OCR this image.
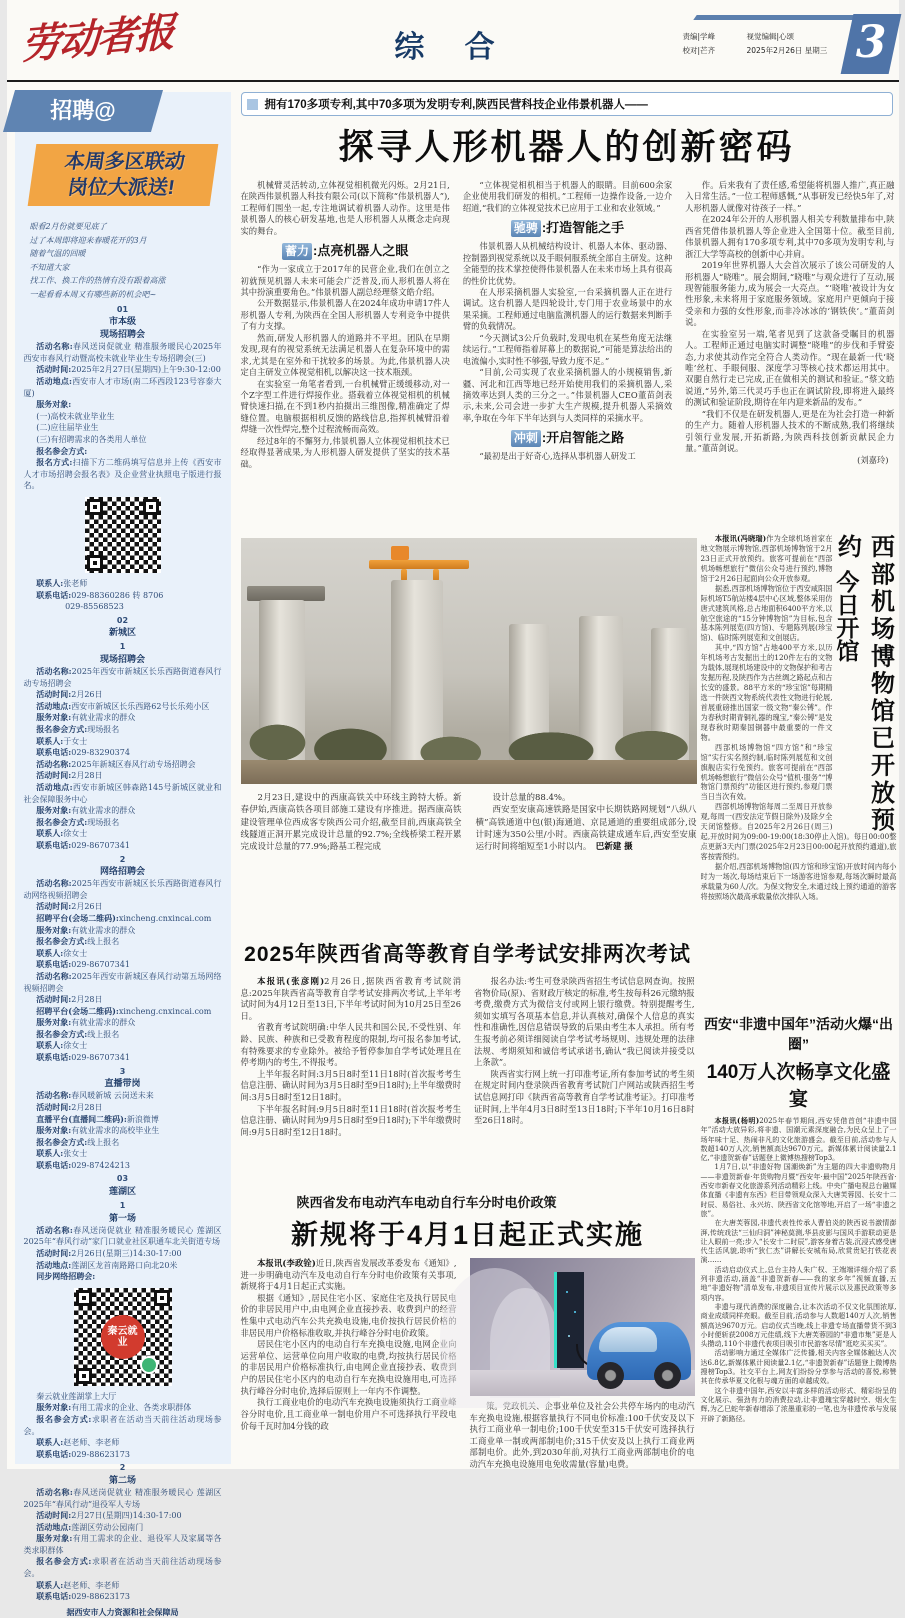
劳动者报	综 合	责编|学峰	视觉编辑|心颂
校对|芒齐	2025年2月26日 星期三 3
招聘@
本周多区联动
岗位大派送!

眼看2月份就要见底了

过了本周即将迎来春暖花开的3月

随着气温的回暖

不知道大家

找工作、换工作的热情有没有跟着高涨

一起看看本周又有哪些新的机会吧~

01

市本级

现场招聘会

活动名称:春风送岗促就业 精准服务暖民心2025年西安市春风行动暨高校未就业毕业生专场招聘会(三)

活动时间:2025年2月27日(星期四)上午9:30-12:00

活动地点:西安市人才市场(南二环西段123号容泰大厦)

服务对象:

(一)高校未就业毕业生

(二)应往届毕业生

(三)有招聘需求的各类用人单位

报名参会方式:

报名方式:扫描下方二维码填写信息并上传《西安市人才市场招聘会报名表》及企业营业执照电子版进行报名。

联系人:张老师

联系电话:029-88360286 转 8706

029-85568523

02

新城区

1

现场招聘会

活动名称:2025年西安市新城区长乐西路街道春风行动专场招聘会

活动时间:2月26日

活动地点:西安市新城区长乐西路62号长乐苑小区

服务对象:有就业需求的群众

报名参会方式:现场报名

联系人:于女士

联系电话:029-83290374

活动名称:2025年新城区春风行动专场招聘会

活动时间:2月28日

活动地点:西安市新城区韩森路145号新城区就业和社会保障服务中心

服务对象:有就业需求的群众

报名参会方式:现场报名

联系人:徐女士

联系电话:029-86707341

2

网络招聘会

活动名称:2025年西安市新城区长乐西路街道春风行动网络视频招聘会

活动时间:2月26日

招聘平台(会场二维码):xincheng.cnxincai.com

服务对象:有就业需求的群众

报名参会方式:线上报名

联系人:徐女士

联系电话:029-86707341

活动名称:2025年西安市新城区春风行动第五场网络视频招聘会

活动时间:2月28日

招聘平台(会场二维码):xincheng.cnxincai.com

服务对象:有就业需求的群众

报名参会方式:线上报名

联系人:徐女士

联系电话:029-86707341

3

直播带岗

活动名称:春风暖新城 云岗送未来

活动时间:2月28日

直播平台(直播间二维码):新浪微博

服务对象:有就业需求的高校毕业生

报名参会方式:线上报名

联系人:张女士

联系电话:029-87424213

03

莲湖区

1

第一场

活动名称:春风送岗促就业 精准服务暖民心 莲湖区2025年“春风行动”家门口就业社区职通车北关街道专场

活动时间:2月26日(星期三)14:30-17:00

活动地点:莲湖区龙首南路路口向北20米

同步网络招聘会:

秦云就业

秦云就业莲湖掌上大厅

服务对象:有用工需求的企业、各类求职群体

报名参会方式:求职者在活动当天前往活动现场参会。

联系人:赵老师、李老师

联系电话:029-88623173

2

第二场

活动名称:春风送岗促就业 精准服务暖民心 莲湖区2025年“春风行动”退役军人专场

活动时间:2月27日(星期四)14:30-17:00

活动地点:莲湖区劳动公园南门

服务对象:有用工需求的企业、退役军人及家属等各类求职群体

报名参会方式:求职者在活动当天前往活动现场参会。

联系人:赵老师、李老师

联系电话:029-88623173

据西安市人力资源和社会保障局

拥有170多项专利,其中70多项为发明专利,陕西民营科技企业伟景机器人——
探寻人形机器人的创新密码

机械臂灵活转动,立体视觉相机微光闪烁。2月21日,在陕西伟景机器人科技有限公司(以下简称“伟景机器人”),工程师们围坐一起,专注地调试着机器人动作。这里是伟景机器人的核心研发基地,也是人形机器人从概念走向现实的舞台。

蓄力 :点亮机器人之眼

“作为一家成立于2017年的民营企业,我们在创立之初就预见机器人未来可能会广泛普及,而人形机器人将在其中扮演重要角色。”伟景机器人副总经理蔡文皓介绍。

公开数据显示,伟景机器人在2024年成功申请17件人形机器人专利,为陕西在全国人形机器人专利竞争中提供了有力支撑。

然而,研发人形机器人的道路并不平坦。团队在早期发现,现有的视觉系统无法满足机器人在复杂环境中的需求,尤其是在室外和干扰较多的场景。为此,伟景机器人决定自主研发立体视觉相机,以解决这一技术瓶颈。

在实验室一角笔者看到,一台机械臂正缓缓移动,对一个Z字型工件进行焊接作业。搭载着立体视觉相机的机械臂快速扫描,在不到1秒内拍摄出三维图像,精准确定了焊缝位置。电脑根据相机反馈的路线信息,指挥机械臂沿着焊缝一次性焊完,整个过程流畅而高效。

经过8年的不懈努力,伟景机器人立体视觉相机技术已经取得显著成果,为人形机器人研发提供了坚实的技术基础。

“立体视觉相机相当于机器人的眼睛。目前600余家企业使用我们研发的相机。”工程师一边操作设备,一边介绍道,“我们的立体视觉技术已应用于工业和农业领域。”

驰骋 :打造智能之手

伟景机器人从机械结构设计、机器人本体、驱动器、控制器到视觉系统以及手眼伺服系统全部自主研发。这种全能型的技术掌控使得伟景机器人在未来市场上具有很高的性价比优势。

在人形采摘机器人实验室,一台采摘机器人正在进行调试。这台机器人是四轮设计,专门用于农业场景中的水果采摘。工程师通过电脑监测机器人的运行数据来判断手臂的负载情况。

“今天测试3公斤负载时,发现电机在某些角度无法继续运行。”工程师指着屏幕上的数据说,“可能是算法给出的电流偏小,实时性不够强,导致力度不足。”

“目前,公司实现了农业采摘机器人的小规模销售,新疆、河北和江西等地已经开始使用我们的采摘机器人,采摘效率达到人类的三分之一。”伟景机器人CEO董苗剑表示,未来,公司会进一步扩大生产规模,提升机器人采摘效率,争取在今年下半年达到与人类同样的采摘水平。

冲刺 :开启智能之路

“最初是出于好奇心,选择从事机器人研发工

作。后来我有了责任感,希望能将机器人推广,真正融入日常生活。”一位工程师感慨,“从事研发已经快5年了,对人形机器人就像对待孩子一样。”

在2024年公开的人形机器人相关专利数量排布中,陕西省凭借伟景机器人等企业进入全国第十位。截至目前,伟景机器人拥有170多项专利,其中70多项为发明专利,与浙江大学等高校的创新中心并肩。

2019年世界机器人大会首次展示了该公司研发的人形机器人“晓唯”。展会期间,“晓唯”与观众进行了互动,展现智能服务能力,成为展会一大亮点。“‘晓唯’被设计为女性形象,未来将用于家庭服务领域。家庭用户更倾向于接受亲和力强的女性形象,而非冷冰冰的‘钢铁侠’。”董苗剑说。

在实验室另一端,笔者见到了这款备受瞩目的机器人。工程师正通过电脑实时调整“晓唯”的步伐和手臂姿态,力求使其动作完全符合人类动作。“现在最新一代‘晓唯’丝杠、手眼伺服、深度学习等核心技术都运用其中。双腿自然行走已完成,正在做相关的测试和验证。”蔡文皓说道,“另外,第三代灵巧手也正在调试阶段,即将进入最终的测试和验证阶段,期待在年内迎来新品的发布。”

“我们不仅是在研发机器人,更是在为社会打造一种新的生产力。随着人形机器人技术的不断成熟,我们将继续引领行业发展,开拓新路,为陕西科技创新贡献民企力量。”董苗剑说。

(刘嘉玲)

2月23日,建设中的西康高铁关中环线主跨特大桥。新春伊始,西康高铁各项目部施工建设有序推进。据西康高铁建设管理单位西成客专陕西公司介绍,截至目前,西康高铁全线隧道正洞开累完成设计总量的92.7%;全线桥梁工程开累完成设计总量的77.9%;路基工程完成

设计总量的88.4%。

西安至安康高速铁路是国家中长期铁路网规划“八纵八横”高铁通道中包(银)海通道、京昆通道的重要组成部分,设计时速为350公里/小时。西康高铁建成通车后,西安至安康运行时间将缩短至1小时以内。　 巴新建 摄

西部机场博物馆已开放预约 今日开馆

本报讯(冯晓瑞)作为全球机场首家在地文物展示博物馆,西部机场博物馆于2月23日正式开放预约。旅客可提前在“西部机场畅想旅行”微信公众号进行预约,博物馆于2月26日起面向公众开放参观。

据悉,西部机场博物馆位于西安咸阳国际机场T5航站楼4层中心区域,整体采用仿唐式建筑风格,总占地面积6400平方米,以航空旅途的“15分钟博物馆”为目标,包含基本陈列展览(四方馆)、专题陈列展(珍宝馆)、临时陈列展览和文创展店。

其中,“四方馆”占地400平方米,以历年机场考古发掘出土的120件左右的文物为载体,展现机场建设中的文物保护和考古发掘历程,及陕西作为古丝绸之路起点和古长安的盛景。88平方米的“珍宝馆”每期精选一件陕西文物系统代表性文物进行轮展,首展重磅推出国家一级文物“秦公镈”。作为春秋时期青铜礼器的瑰宝,“秦公镈”是发现春秋时期秦国铜器中最重要的一件文物。

西部机场博物馆“四方馆”和“珍宝馆”实行实名预约制,临时陈列展览和文创旗舰店实行免预约。旅客可提前在“西部机场畅想旅行”微信公众号“值机·服务”“博物馆门票预约”功能区进行预约,参观门票当日当次有效。

西部机场博物馆每周二至周日开放参观,每周一(西安法定节假日除外)及除夕全天闭馆整修。自2025年2月26日(周三)起,开放时间为09:00-19:00(18:30停止入馆)。每日00:00整点更新3天内门票(2025年2月23日00:00起开放预约通道),旅客按需预约。

据介绍,西部机场博物馆(四方馆和珍宝馆)开放时间内每小时为一场次,每场结束后下一场游客进馆参观,每场次瞬时最高承载量为60人/次。为保文物安全,未通过线上预约通道的游客将按照场次最高承载量依次排队入场。

2025年陕西省高等教育自学考试安排两次考试

本报讯(张彦刚)2月26日,据陕西省教育考试院消息:2025年陕西省高等教育自学考试安排两次考试,上半年考试时间为4月12日至13日,下半年考试时间为10月25日至26日。

省教育考试院明确:中华人民共和国公民,不受性别、年龄、民族、种族和已受教育程度的限制,均可报名参加考试,有特殊要求的专业除外。被给予暂停参加自学考试处理且在停考期内的考生,不得报考。

上半年报名时间:3月5日8时至11日18时(首次报考考生信息注册、确认时间为3月5日8时至9日18时);上半年缴费时间:3月5日8时至12日18时。

下半年报名时间:9月5日8时至11日18时(首次报考考生信息注册、确认时间为9月5日8时至9日18时);下半年缴费时间:9月5日8时至12日18时。

报名办法:考生可登录陕西省招生考试信息网查询。按照省物价局(原)、省财政厅核定的标准,考生按每科26元缴纳报考费,缴费方式为微信支付或网上银行缴费。特别提醒考生,须如实填写各项基本信息,并认真核对,确保个人信息的真实性和准确性,因信息错误导致的后果由考生本人承担。所有考生报考前必须详细阅读自学考试考场规则、违规处理的法律法规、考期须知和诚信考试承诺书,确认“我已阅读并接受以上条款”。

陕西省实行网上统一打印准考证,所有参加考试的考生须在规定时间内登录陕西省教育考试院门户网站或陕西招生考试信息网打印《陕西省高等教育自学考试准考证》。打印准考证时间,上半年4月3日8时至13日18时;下半年10月16日8时至26日18时。

西安“非遗中国年”活动火爆“出圈”
140万人次畅享文化盛宴

本报讯(杨明)2025年春节期间,西安凭借首创“非遗中国年”活动大放异彩,将非遗、国潮元素深度融合,为民众呈上了一场年味十足、热闹非凡的文化旅游盛会。截至目前,活动参与人数超140万人次,销售额高达9670万元。新媒体累计阅读量2.1亿,“非遗贺新春”话题登上微博热搜榜Top3。

1月7日,以“非遗好物 国潮焕新”为主题的四大非遗购物月——非遗贺新春·年货购物月暨“西安年·最中国”2025年陕西省·西安市新春文化旅游系列活动精彩上线。中央广播电视总台融媒体直播《非遗有东西》栏目带领观众深入大唐芙蓉园、长安十二时辰、易俗社、永兴坊、陕西省文化馆等地,开启了一场“非遗之旅”。

在大唐芙蓉园,非遗代表性传承人曹伯炎的陕西说书激情澎湃,传统戏法“三仙归洞”神秘莫测,华县皮影与国风手游联动更是让人眼前一亮;步入“长安十二时辰”,游客身着古装,沉浸式感受唐代生活风貌,聆听“狄仁杰”讲解长安城布局,欣赏贵妃打铁花表演……

活动启动仪式上,总台主持人朱广权、王端端详细介绍了系列非遗活动,涵盖“非遗贺新春——我的家乡年”视频直播,五地“非遗好物”清单发布,非遗项目宣传片展示以及惠民政策等多项内容。

非遗与现代消费的深度融合,让本次活动不仅文化氛围浓厚,商业成绩同样亮眼。截至目前,活动参与人数超140万人次,销售额高达9670万元。启动仪式当晚,线上非遗专场直播带货不到3小时便斩获2008万元佳绩,线下大唐芙蓉园的“非遗市集”更是人头攒动,110个非遗代表项目吸引市民游客尽情“逛吃买买买”。

活动影响力通过全媒体广泛传播,相关内容全媒体触达人次达6.8亿,新媒体累计阅读量2.1亿,“非遗贺新春”话题登上微博热搜榜Top3。社交平台上,网友们纷纷分享参与活动的喜悦,称赞其在传承华夏文化根与魂方面的卓越成效。

这个非遗中国年,西安以丰富多样的活动形式、精彩纷呈的文化展示、强劲有力的消费拉动,让非遗瑰宝穿越时空、烟火生辉,为乙巳蛇年新春增添了浓墨重彩的一笔,也为非遗传承与发展开辟了新路径。

陕西省发布电动汽车电动自行车分时电价政策
新规将于4月1日起正式实施

本报讯(李政铨)近日,陕西省发展改革委发布《通知》,进一步明确电动汽车及电动自行车分时电价政策有关事项,新规将于4月1日起正式实施。

根据《通知》,居民住宅小区、家庭住宅及执行居民电价的非居民用户中,由电网企业直接抄表、收费到户的经营性集中式电动汽车公共充换电设施,电价按执行居民价格的非居民用户价格标准收取,并执行峰谷分时电价政策。

居民住宅小区内的电动自行车充换电设施,电网企业向运营单位、运营单位向用户收取的电费,均按执行居民价格的非居民用户价格标准执行,由电网企业直接抄表、收费到户的居民住宅小区内的电动自行车充换电设施用电,可选择执行峰谷分时电价,选择后原则上一年内不作调整。

执行工商业电价的电动汽车充换电设施须执行工商业峰谷分时电价,且工商业单一制电价用户不可选择执行平段电价每千瓦时加4分钱的政

策。党政机关、企事业单位及社会公共停车场内的电动汽车充换电设施,根据容量执行不同电价标准:100千伏安及以下执行工商业单一制电价;100千伏安至315千伏安可选择执行工商业单一制或两部制电价;315千伏安及以上执行工商业两部制电价。此外,到2030年前,对执行工商业两部制电价的电动汽车充换电设施用电免收需量(容量)电费。
